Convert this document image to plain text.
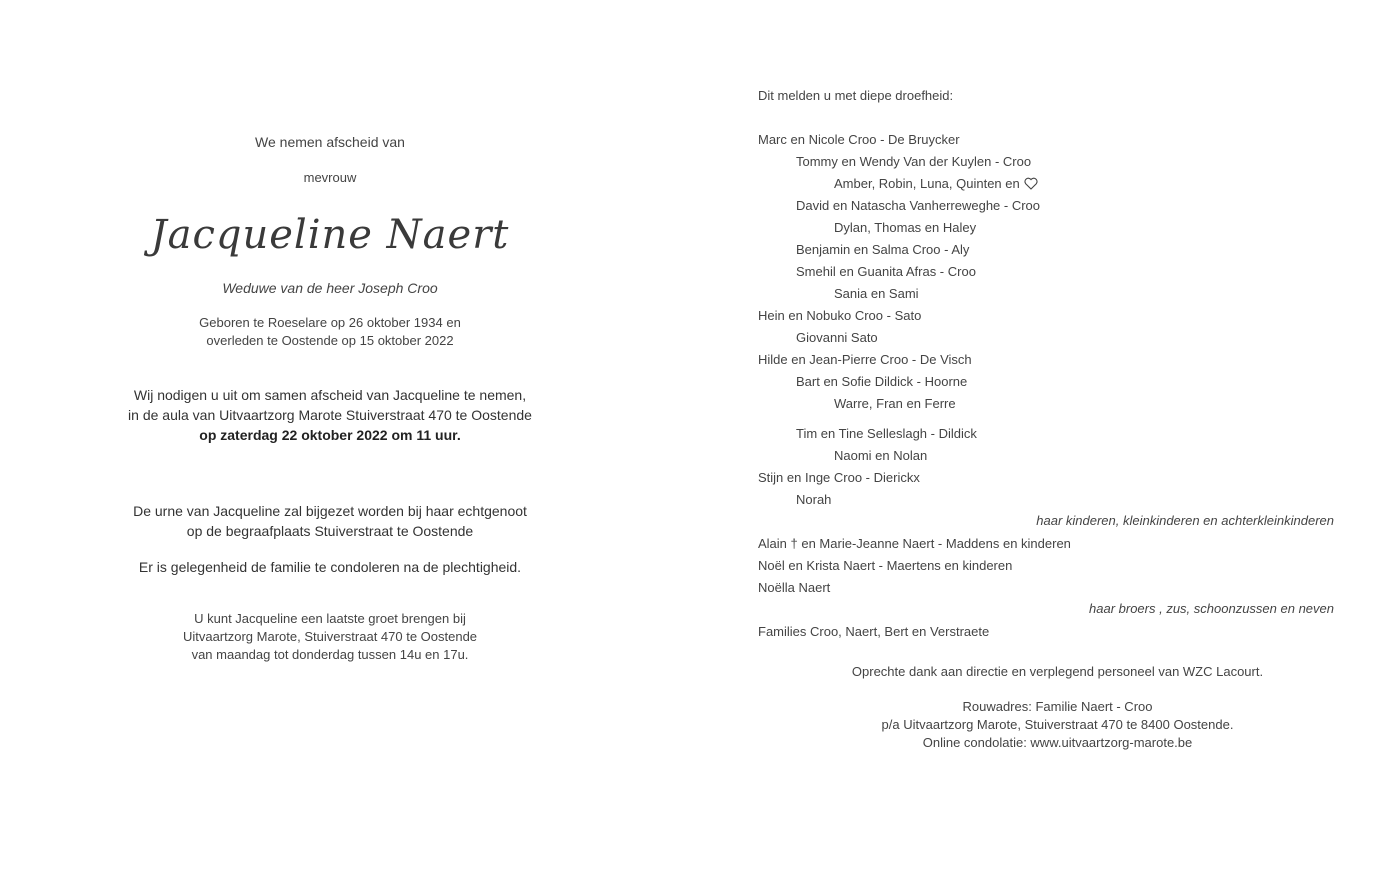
We nemen afscheid van
mevrouw
Jacqueline Naert
Weduwe van de heer Joseph Croo
Geboren te Roeselare op 26 oktober 1934 en
overleden te Oostende op 15 oktober 2022
Wij nodigen u uit om samen afscheid van Jacqueline te nemen,
in de aula van Uitvaartzorg Marote Stuiverstraat 470 te Oostende
op zaterdag 22 oktober 2022 om 11 uur.
De urne van Jacqueline zal bijgezet worden bij haar echtgenoot
op de begraafplaats Stuiverstraat te Oostende
Er is gelegenheid de familie te condoleren na de plechtigheid.
U kunt Jacqueline een laatste groet brengen bij
Uitvaartzorg Marote, Stuiverstraat 470 te Oostende
van maandag tot donderdag tussen 14u en 17u.
Dit melden u met diepe droefheid:
Marc en Nicole Croo - De Bruycker
Tommy en Wendy Van der Kuylen - Croo
Amber, Robin, Luna, Quinten en
David en Natascha Vanherreweghe - Croo
Dylan, Thomas en Haley
Benjamin en Salma Croo - Aly
Smehil en Guanita Afras - Croo
Sania en Sami
Hein en Nobuko Croo - Sato
Giovanni Sato
Hilde en Jean-Pierre Croo - De Visch
Bart en Sofie Dildick - Hoorne
Warre, Fran en Ferre
Tim en Tine Selleslagh - Dildick
Naomi en Nolan
Stijn en Inge Croo - Dierickx
Norah
haar kinderen, kleinkinderen en achterkleinkinderen
Alain † en Marie-Jeanne Naert - Maddens en kinderen
Noël en Krista Naert - Maertens en kinderen
Noëlla Naert
haar broers , zus, schoonzussen en neven
Families Croo, Naert, Bert en Verstraete
Oprechte dank aan directie en verplegend personeel van WZC Lacourt.
Rouwadres: Familie Naert - Croo
p/a Uitvaartzorg Marote, Stuiverstraat 470 te 8400 Oostende.
Online condolatie: www.uitvaartzorg-marote.be
